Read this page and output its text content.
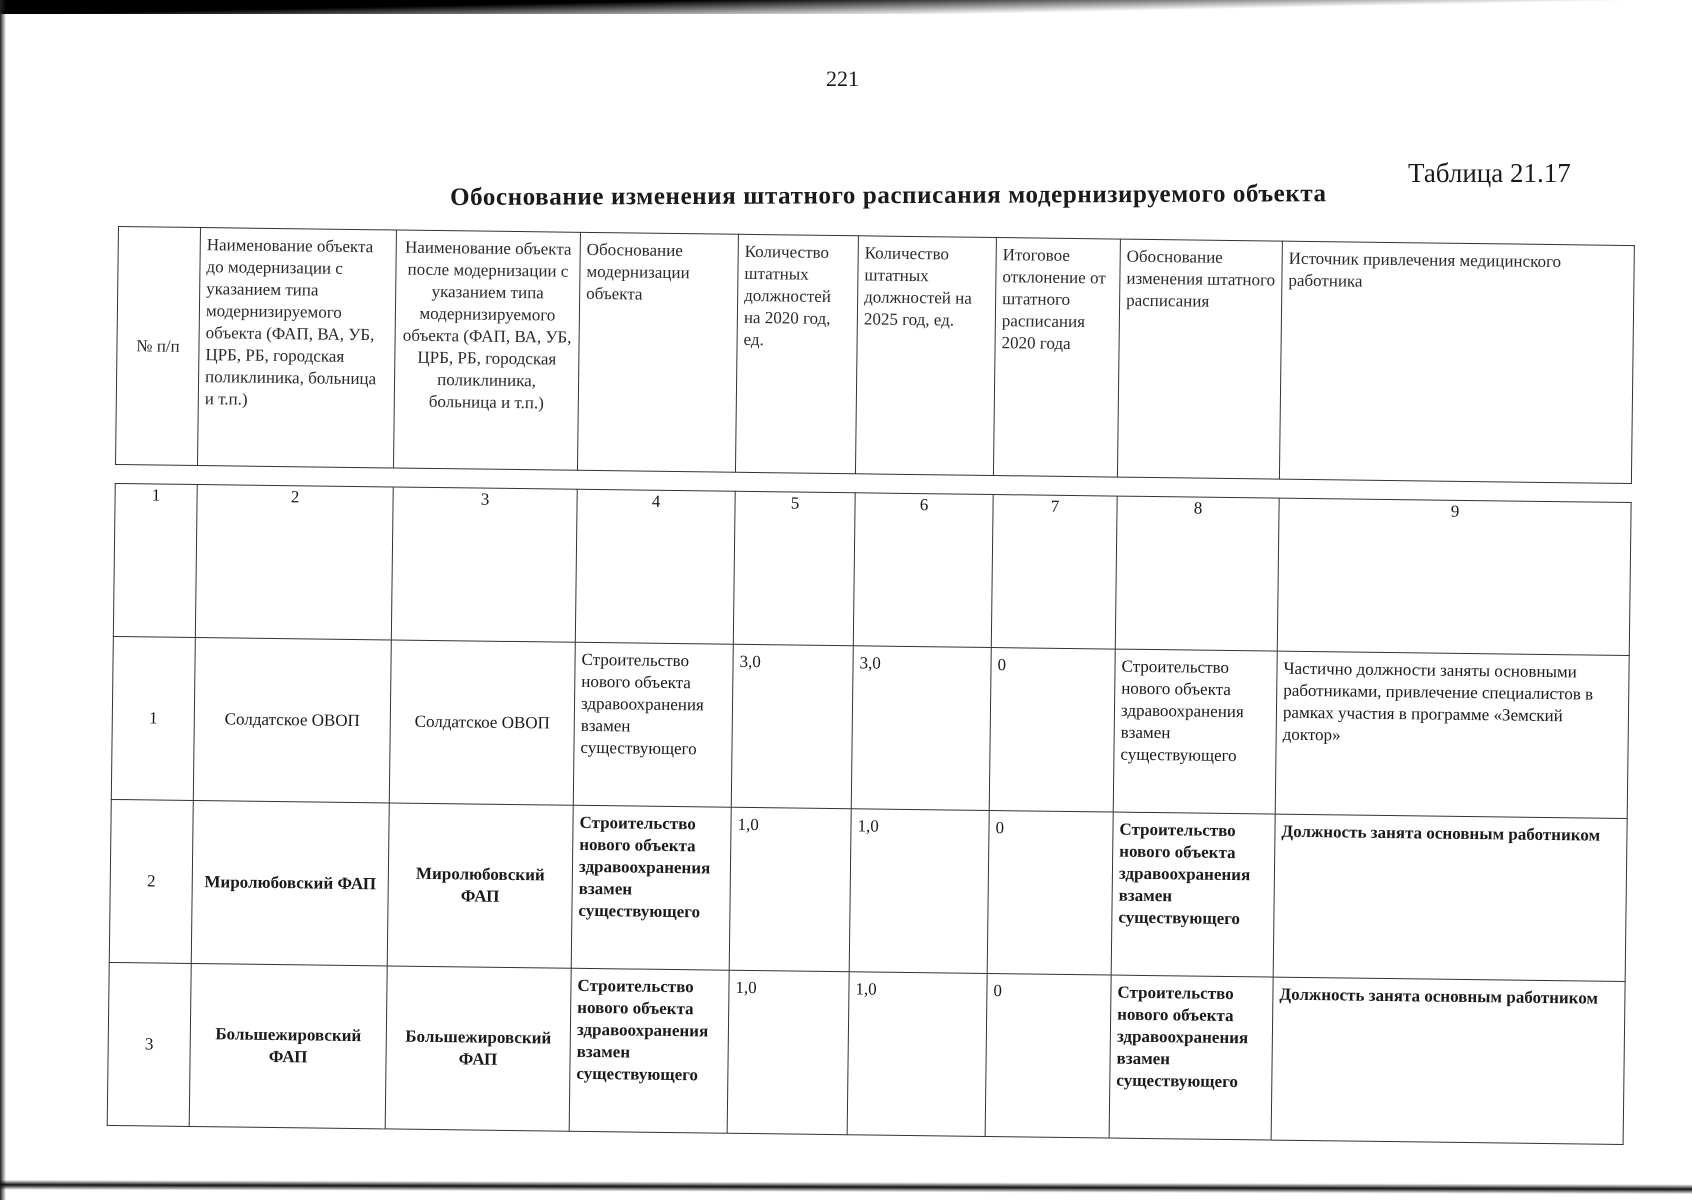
221
Таблица 21.17
Обоснование изменения штатного расписания модернизируемого объекта
№ п/п	Наименование объекта до модернизации с указанием типа модернизируемого объекта (ФАП, ВА, УБ, ЦРБ, РБ, городская поликлиника, больница и т.п.)	Наименование объекта после модернизации с указанием типа модернизируемого объекта (ФАП, ВА, УБ, ЦРБ, РБ, городская поликлиника, больница и т.п.)	Обоснование модернизации объекта	Количество штатных должностей на 2020 год, ед.	Количество штатных должностей на 2025 год, ед.	Итоговое отклонение от штатного расписания 2020 года	Обоснование изменения штатного расписания	Источник привлечения медицинского работника
1	2	3	4	5	6	7	8	9
1	Солдатское ОВОП	Солдатское ОВОП	Строительство нового объекта здравоохранения взамен существующего	3,0	3,0	0	Строительство нового объекта здравоохранения взамен существующего	Частично должности заняты основными работниками, привлечение специалистов в рамках участия в программе «Земский доктор»
2	Миролюбовский ФАП	Миролюбовский ФАП	Строительство нового объекта здравоохранения взамен существующего	1,0	1,0	0	Строительство нового объекта здравоохранения взамен существующего	Должность занята основным работником
3	Большежировский ФАП	Большежировский ФАП	Строительство нового объекта здравоохранения взамен существующего	1,0	1,0	0	Строительство нового объекта здравоохранения взамен существующего	Должность занята основным работником
